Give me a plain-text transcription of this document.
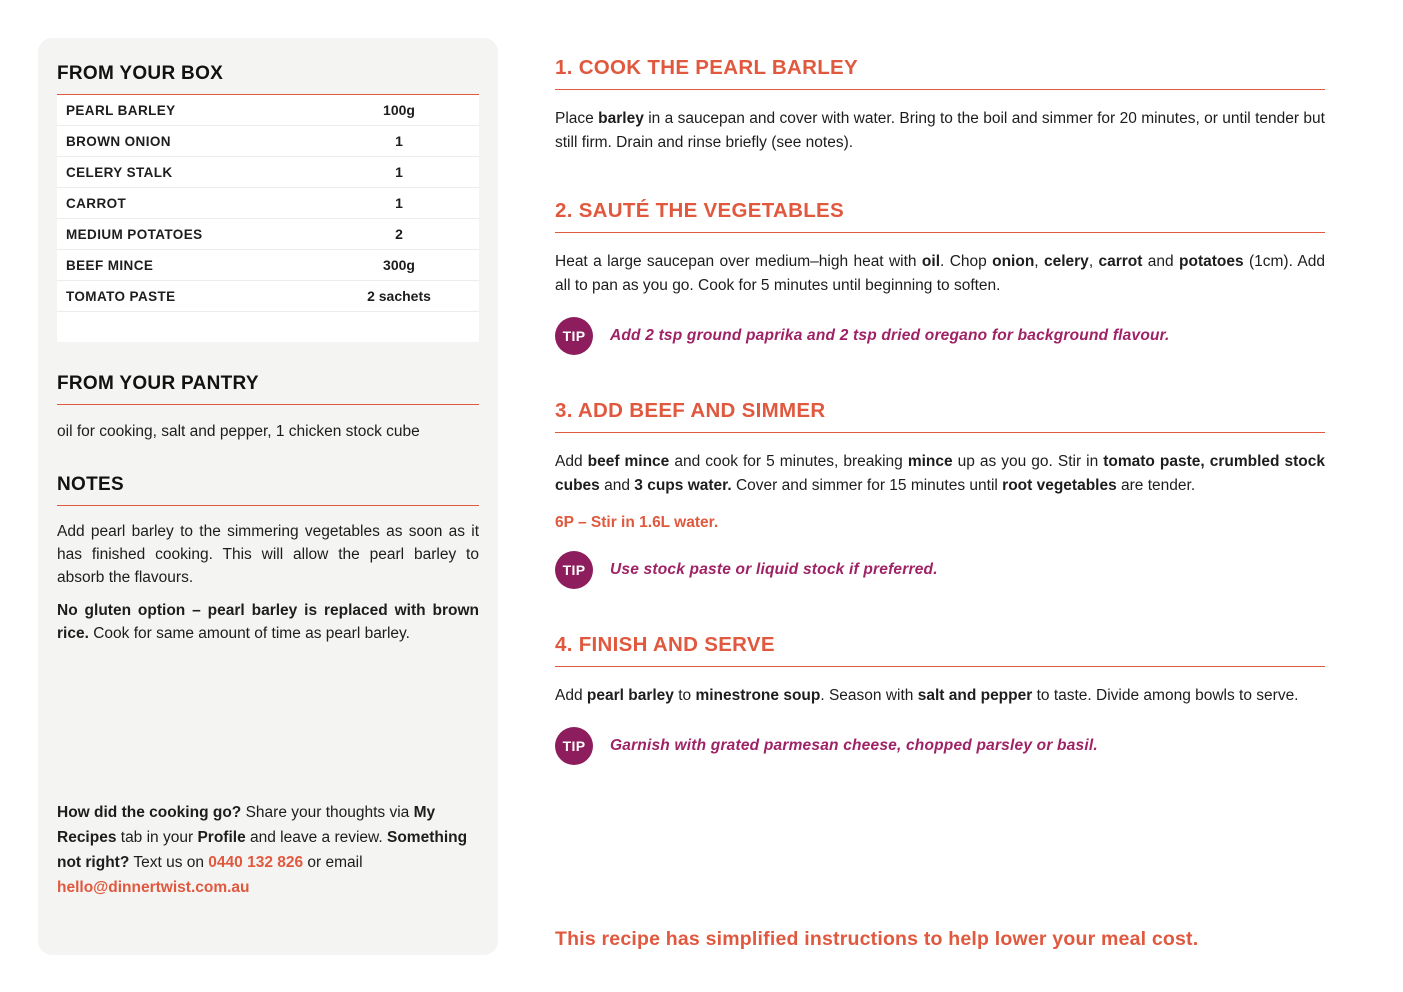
FROM YOUR BOX
PEARL BARLEY	100g
BROWN ONION	1
CELERY STALK	1
CARROT	1
MEDIUM POTATOES	2
BEEF MINCE	300g
TOMATO PASTE	2 sachets
FROM YOUR PANTRY
oil for cooking, salt and pepper, 1 chicken stock cube
NOTES
Add pearl barley to the simmering vegetables as soon as it has finished cooking. This will allow the pearl barley to absorb the flavours.
No gluten option – pearl barley is replaced with brown rice. Cook for same amount of time as pearl barley.
How did the cooking go? Share your thoughts via My Recipes tab in your Profile and leave a review. Something not right? Text us on 0440 132 826 or email hello@dinnertwist.com.au
1. COOK THE PEARL BARLEY

Place barley in a saucepan and cover with water. Bring to the boil and simmer for 20 minutes, or until tender but still firm. Drain and rinse briefly (see notes).

2. SAUTÉ THE VEGETABLES

Heat a large saucepan over medium–high heat with oil. Chop onion, celery, carrot and potatoes (1cm). Add all to pan as you go. Cook for 5 minutes until beginning to soften.

TIP	Add 2 tsp ground paprika and 2 tsp dried oregano for background flavour.
3. ADD BEEF AND SIMMER

Add beef mince and cook for 5 minutes, breaking mince up as you go. Stir in tomato paste, crumbled stock cubes and 3 cups water. Cover and simmer for 15 minutes until root vegetables are tender.

6P – Stir in 1.6L water.
TIP	Use stock paste or liquid stock if preferred.
4. FINISH AND SERVE

Add pearl barley to minestrone soup. Season with salt and pepper to taste. Divide among bowls to serve.

TIP	Garnish with grated parmesan cheese, chopped parsley or basil.
This recipe has simplified instructions to help lower your meal cost.
